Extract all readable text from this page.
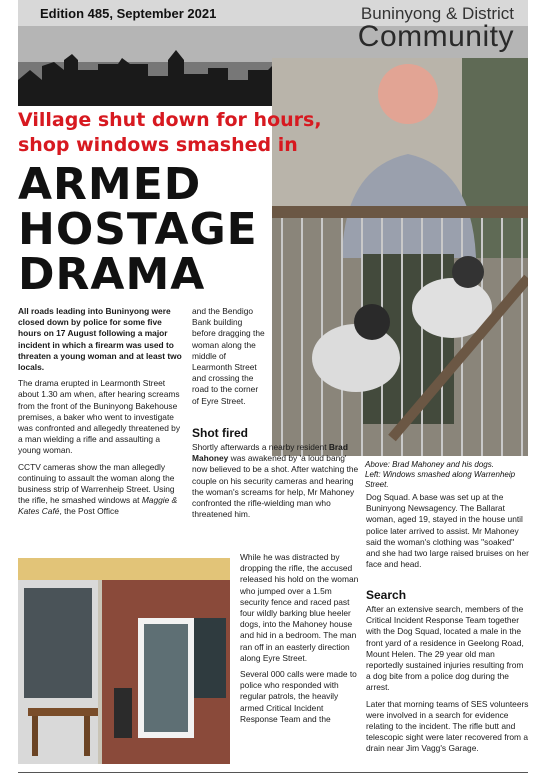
Edition 485, September 2021	Buninyong & District
Community
Village shut down for hours,
shop windows smashed in
ARMED
HOSTAGE
DRAMA

All roads leading into Buninyong were closed down by police for some five hours on 17 August following a major incident in which a firearm was used to threaten a young woman and at least two locals.

The drama erupted in Learmonth Street about 1.30 am when, after hearing screams from the front of the Buninyong Bakehouse premises, a baker who went to investigate was confronted and allegedly threatened by a man wielding a rifle and assaulting a young woman.

CCTV cameras show the man allegedly continuing to assault the woman along the business strip of Warrenheip Street. Using the rifle, he smashed windows at Maggie & Kates Café, the Post Office

and the Bendigo Bank building before dragging the woman along the middle of Learmonth Street and crossing the road to the corner of Eyre Street.

Shot fired

Shortly afterwards a nearby resident Brad Mahoney was awakened by 'a loud bang' now believed to be a shot. After watching the couple on his security cameras and hearing the woman's screams for help, Mr Mahoney confronted the rifle-wielding man who threatened him.

While he was distracted by dropping the rifle, the accused released his hold on the woman who jumped over a 1.5m security fence and raced past four wildly barking blue heeler dogs, into the Mahoney house and hid in a bedroom. The man ran off in an easterly direction along Eyre Street.

Several 000 calls were made to police who responded with regular patrols, the heavily armed Critical Incident Response Team and the

Above: Brad Mahoney and his dogs.
Left: Windows smashed along Warrenheip Street.

Dog Squad. A base was set up at the Buninyong Newsagency. The Ballarat woman, aged 19, stayed in the house until police later arrived to assist. Mr Mahoney said the woman's clothing was "soaked" and she had two large raised bruises on her face and head.

Search

After an extensive search, members of the Critical Incident Response Team together with the Dog Squad, located a male in the front yard of a residence in Geelong Road, Mount Helen. The 29 year old man reportedly sustained injuries resulting from a dog bite from a police dog during the arrest.

Later that morning teams of SES volunteers were involved in a search for evidence relating to the incident. The rifle butt and telescopic sight were later recovered from a drain near Jim Vagg's Garage.
